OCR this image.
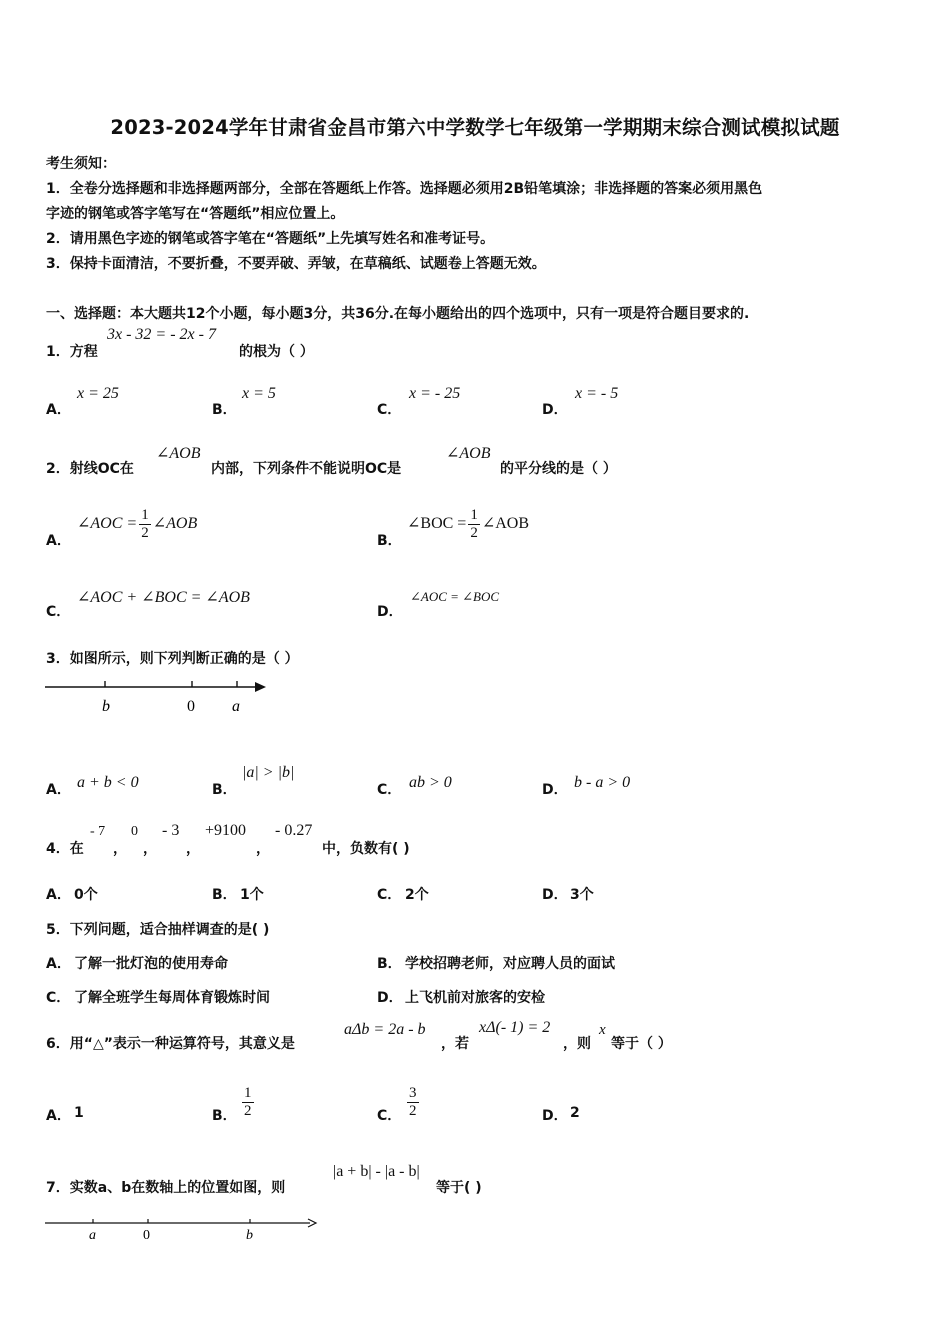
2023-2024学年甘肃省金昌市第六中学数学七年级第一学期期末综合测试模拟试题
考生须知：
1．全卷分选择题和非选择题两部分，全部在答题纸上作答。选择题必须用2B铅笔填涂；非选择题的答案必须用黑色
字迹的钢笔或答字笔写在“答题纸”相应位置上。
2．请用黑色字迹的钢笔或答字笔在“答题纸”上先填写姓名和准考证号。
3．保持卡面清洁，不要折叠，不要弄破、弄皱，在草稿纸、试题卷上答题无效。
一、选择题：本大题共12个小题，每小题3分，共36分.在每小题给出的四个选项中，只有一项是符合题目要求的.
1．方程
3x - 32 = - 2x - 7
的根为（ ）
A．
x = 25
B．
x = 5
C．
x = - 25
D．
x = - 5
2．射线OC在
∠AOB
内部，下列条件不能说明OC是
∠AOB
的平分线的是（ ）
A．
∠AOC = $\frac{1}{2}$ ∠AOB
B．
∠BOC = $\frac{1}{2}$ ∠AOB
C．
∠AOC + ∠BOC = ∠AOB
D．
∠AOC = ∠BOC
3．如图所示，则下列判断正确的是（ ）
b	0 a
A． a + b < 0	B．
|a| > |b|
C． ab > 0	D． b - a > 0
4．在
- 7
，
0
，
- 3
，
+9100
，
- 0.27
中，负数有( )
A． 0个	B． 1个	C． 2个	D． 3个
5．下列问题，适合抽样调查的是( )
A． 了解一批灯泡的使用寿命	B． 学校招聘老师，对应聘人员的面试
C． 了解全班学生每周体育锻炼时间	D． 上飞机前对旅客的安检
6．用“△”表示一种运算符号，其意义是
aΔb = 2a - b
，若
xΔ(- 1) = 2
，则
x
等于（ ）
A． 1	B． $\frac{1}{2}$	C． $\frac{3}{2}$	D． 2
7．实数a、b在数轴上的位置如图，则
|a + b| - |a - b|
等于( )
a	0	b
